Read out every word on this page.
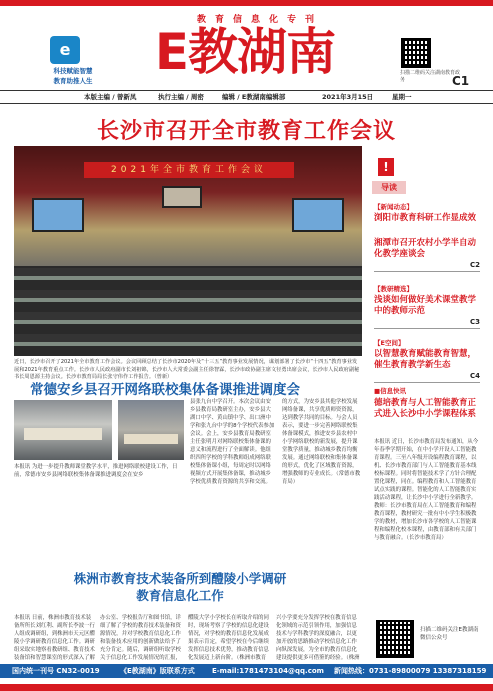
教育信息化专刊
e
科技赋能智慧
教育助推人生	E教湖南	扫描二维码关注湖南教育政务	C1
本版主编 / 曾新凤	执行主编 / 周密	编辑 / E教湖南编辑部	2021年3月15日	星期一
长沙市召开全市教育工作会议
2021年全市教育工作会议
近日，长沙市召开了2021年全市教育工作会议。会议回顾总结了长沙市2020年及“十三五”教育事业发展情况，谋划部署了长沙市“十四五”教育事业发展和2021年教育重点工作。长沙市人民政府副市长刘祖锦，长沙市人大常委会副主任徐智霖，长沙市政协副主席文径勇出席会议，长沙市人民政府副秘书长周恩源主持会议。长沙市教育局局长张守伟作工作报告。（曾新）
!
导读
【新闻动态】
浏阳市教育科研工作显成效
湘潭市召开农村小学半自动化教学座谈会
C2
【教研精选】
浅谈如何做好美术课堂教学中的教师示范
C3
【E空间】
以智慧教育赋能教育智慧，催生教育教学新生态
C4
■信息快讯
德培教育与人工智能教育正式进入长沙中小学课程体系
本报讯 近日，长沙市教育局发布通知，从今年春季学期开始，在中小学开设人工智能教育课程。三至八年级开设编程教育课程，以机、长沙市教育部门与人工智能教育基本线校标课程。同时将智能技术学了方针合理配置化课程，同在。编程教育和人工智能教育试点实践的课程。智能化的人工智能教育实践活动课程，让长沙中小学进行全新教学。教师：长沙市教育局在人工智能教育和编程教育课程，教材研究一批有中小学生积极教学的教材，增加长沙市各学校的人工智能课程和编程化校本课程，由教育部和有关部门与教育融合。（长沙市教育局）
扫描二维码关注E教湖南微信公众号
常德安乡县召开网络联校集体备课推进调度会
本报讯 为进一步提升教师课堂教学水平，推进网络联校建设工作，日前，常德市安乡县网络联校集体备课推进调度会在安乡
县张九台中学召开。本次会议由安乡县教育局教研室主办，安乡县大湖口中学、黄山镇中学、出口洲中学和张九台中学的8个学校代表参加会议。会上，安乡县教育局教研室主任张明月对网络联校集体备课的意义和流程进行了全面解读。他组织四所学校的学科教师组成网络联校集体备课小组，每周定时以网络视频方式开展集体备课，推动城乡学校优质教育资源的共享和交流。
的方式，为安乡县其他学校发展网络备课，共享优质师资资源，达到教学共同的目标。与会人员表示，要进一步完善网络联校集体备课模式，推进安乡县农村中小学网络联校的新发展，提升课堂教学质量，推动城乡教育均衡发展。通过网络联校和集体备课的形式，优化了区域教育资源，增强教师的专业成长。（常德市教育局）
株洲市教育技术装备所到醴陵小学调研教育信息化工作
本报讯 日前，株洲市教育技术装备所所长刘红利、副所长李波一行人组成调研组，到株洲市天元区醴陵小学调研教育信息化工作。调研组采取实地察看教研组、教育技术装备馆和智慧课室的形式深入了解
办公室、学校报告厅和图书馆，详细了解了学校的教育技术装备和资源情况，并对学校教育信息化工作和装备技术应用的创新做法给予了充分肯定。随后，调研组听取学校关于信息化工作发展情况的汇报，
醴陵大学小学校长在听取介绍的同时，现场考察了学校的信息化建设情况，对学校的教育信息化发展成果表示肯定，希望学校在今后继续发挥信息技术优势，推动教育信息化发展迈上新台阶。（株洲市教育
兴小学要充分发挥学校在教育信息化领域的示范引领作用，加强信息技术与学科教学的深度融合，以更加开放的思路推动学校信息化工作向纵深发展，为全市的教育信息化建设提供更多可借鉴的经验。（株洲
国内统一刊号 CN32-0019	《E教湖南》版联系方式 E-mail:1781473104@qq.com 新闻热线：0731-89800079 13387318159
